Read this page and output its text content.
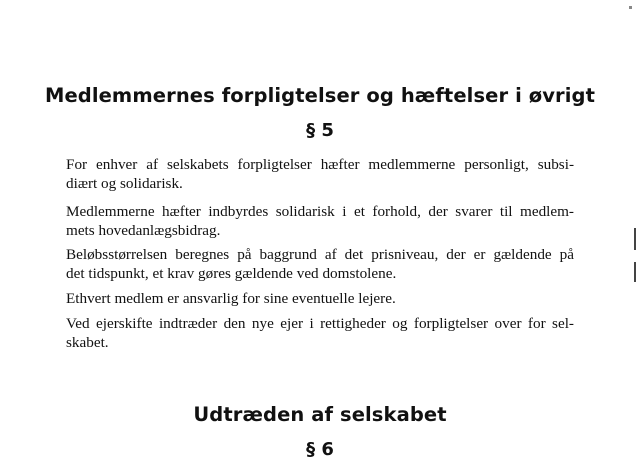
Medlemmernes forpligtelser og hæftelser i øvrigt
§ 5
For enhver af selskabets forpligtelser hæfter medlemmerne personligt, subsi-
diært og solidarisk.
Medlemmerne hæfter indbyrdes solidarisk i et forhold, der svarer til medlem-
mets hovedanlægsbidrag.
Beløbsstørrelsen beregnes på baggrund af det prisniveau, der er gældende på
det tidspunkt, et krav gøres gældende ved domstolene.
Ethvert medlem er ansvarlig for sine eventuelle lejere.
Ved ejerskifte indtræder den nye ejer i rettigheder og forpligtelser over for sel-
skabet.
Udtræden af selskabet
§ 6
